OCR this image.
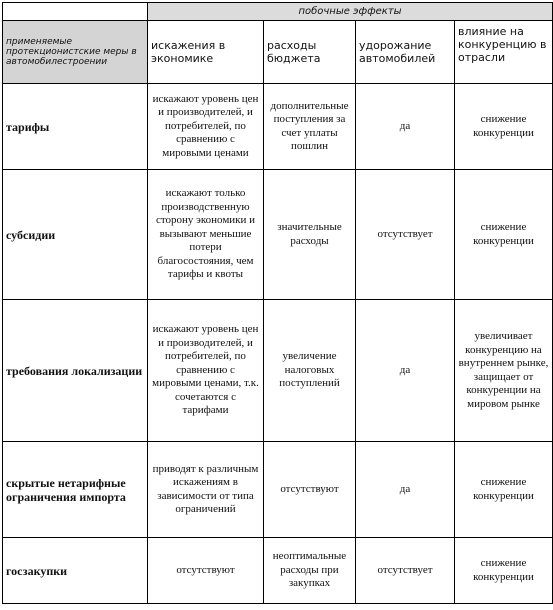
	побочные эффекты			
применяемые протекционистские меры в автомобилестроении	искажения в экономике	расходы бюджета	удорожание автомобилей	влияние на конкуренцию в отрасли
тарифы	искажают уровень цен и производителей, и потребителей, по сравнению с мировыми ценами	дополнительные поступления за счет уплаты пошлин	да	снижение конкуренции
субсидии	искажают только производственную сторону экономики и вызывают меньшие потери благосостояния, чем тарифы и квоты	значительные расходы	отсутствует	снижение конкуренции
требования локализации	искажают уровень цен и производителей, и потребителей, по сравнению с мировыми ценами, т.к. сочетаются с тарифами	увеличение налоговых поступлений	да	увеличивает конкуренцию на внутреннем рынке, защищает от конкуренции на мировом рынке
скрытые нетарифные ограничения импорта	приводят к различным искажениям в зависимости от типа ограничений	отсутствуют	да	снижение конкуренции
госзакупки	отсутствуют	неоптимальные расходы при закупках	отсутствует	снижение конкуренции
